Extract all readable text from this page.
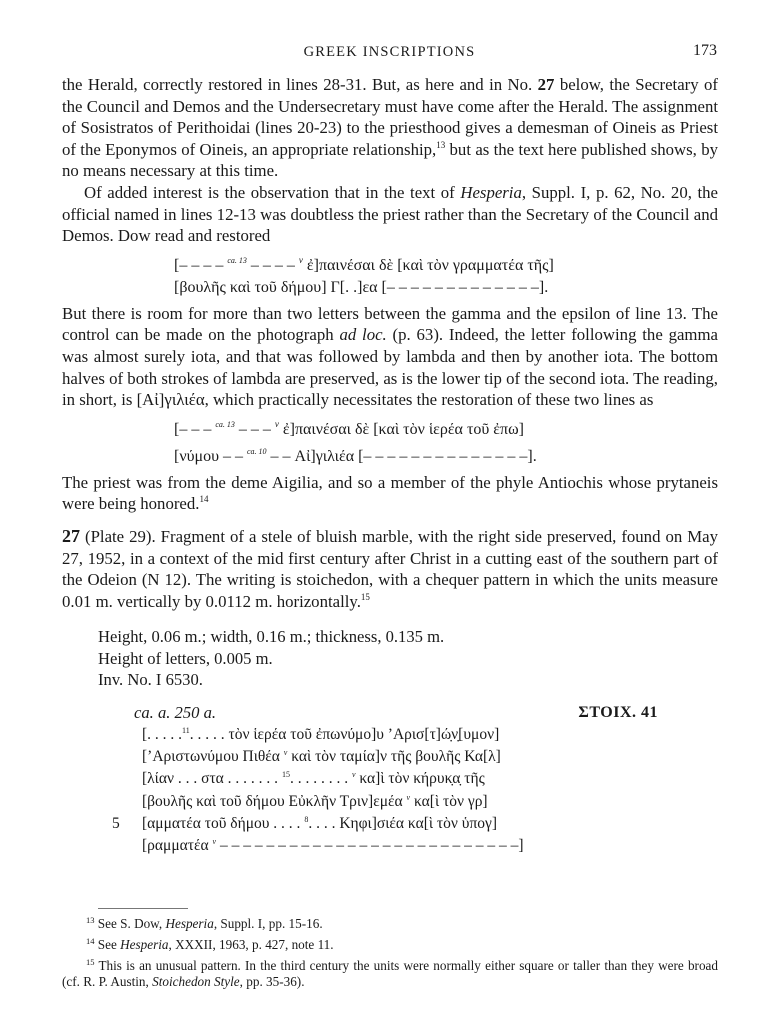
GREEK INSCRIPTIONS	173

the Herald, correctly restored in lines 28-31. But, as here and in No. 27 below, the Secretary of the Council and Demos and the Undersecretary must have come after the Herald. The assignment of Sosistratos of Perithoidai (lines 20-23) to the priesthood gives a demesman of Oineis as Priest of the Eponymos of Oineis, an appropriate relationship,$^{13}$ but as the text here published shows, by no means necessary at this time.

Of added interest is the observation that in the text of Hesperia, Suppl. I, p. 62, No. 20, the official named in lines 12-13 was doubtless the priest rather than the Secretary of the Council and Demos. Dow read and restored

[– – – – $^{ca. 13}$ – – – – $^v$ ἐ]παινέσαι δὲ [καὶ τὸν γραμματέα τῆς]
[βουλῆς καὶ τοῦ δήμου] Γ[. .]εα [– – – – – – – – – – – – –].

But there is room for more than two letters between the gamma and the epsilon of line 13. The control can be made on the photograph ad loc. (p. 63). Indeed, the letter following the gamma was almost surely iota, and that was followed by lambda and then by another iota. The bottom halves of both strokes of lambda are preserved, as is the lower tip of the second iota. The reading, in short, is [Αἰ]γιλιέα, which practically necessitates the restoration of these two lines as

[– – – $^{ca. 13}$ – – – $^v$ ἐ]παινέσαι δὲ [καὶ τὸν ἱερέα τοῦ ἐπω]
[νύμου – – $^{ca. 10}$ – – Αἰ]γιλιέα [– – – – – – – – – – – – – –].

The priest was from the deme Aigilia, and so a member of the phyle Antiochis whose prytaneis were being honored.$^{14}$

27 (Plate 29). Fragment of a stele of bluish marble, with the right side preserved, found on May 27, 1952, in a context of the mid first century after Christ in a cutting east of the southern part of the Odeion (N 12). The writing is stoichedon, with a chequer pattern in which the units measure 0.01 m. vertically by 0.0112 m. horizontally.$^{15}$

Height, 0.06 m.; width, 0.16 m.; thickness, 0.135 m.
Height of letters, 0.005 m.
Inv. No. I 6530.
ca. a. 250 a.	ΣΤΟΙΧ. 41
[. . . . .$^{11}$. . . . . τὸν ἱερέα τοῦ ἐπωνύμο]υ ’Αρισ[τ]ώ̣ν̣[υμον]
[’Αριστωνύμου Πιθέα $^v$ καὶ τὸν ταμία]ν τῆς βουλῆς Κα[λ]
[λίαν . . . στα . . . . . . . $^{15}$. . . . . . . . $^v$ κα]ὶ τὸν κήρυκ̣α̣ τῆς
[βουλῆς καὶ τοῦ δήμου Εὐκλῆν Τριν]εμέα $^v$ κα[ὶ τὸν γρ]
5 [αμματέα τοῦ δήμου . . . . $^8$. . . . Κηφι]σιέα κα[ὶ τὸν ὑπογ]
[ραμματέα $^v$ – – – – – – – – – – – – – – – – – – – – – – – – – –]

$^{13}$ See S. Dow, Hesperia, Suppl. I, pp. 15-16.

$^{14}$ See Hesperia, XXXII, 1963, p. 427, note 11.

$^{15}$ This is an unusual pattern. In the third century the units were normally either square or taller than they were broad (cf. R. P. Austin, Stoichedon Style, pp. 35-36).
